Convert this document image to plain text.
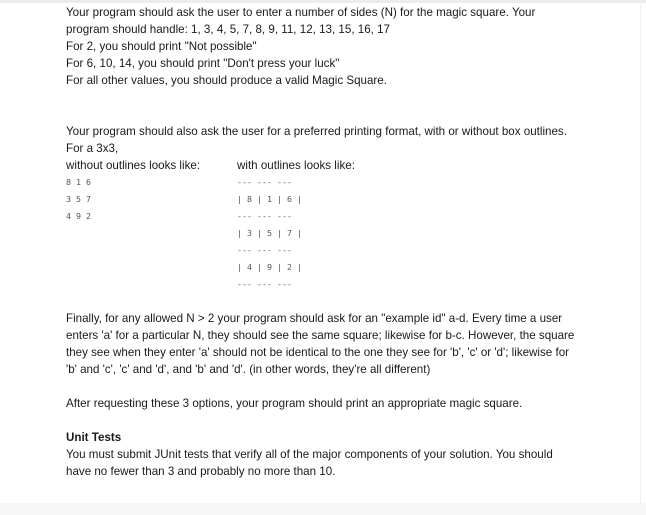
Your program should ask the user to enter a number of sides (N) for the magic square. Your

program should handle: 1, 3, 4, 5, 7, 8, 9, 11, 12, 13, 15, 16, 17

For 2, you should print "Not possible"

For 6, 10, 14, you should print "Don't press your luck"

For all other values, you should produce a valid Magic Square.

Your program should also ask the user for a preferred printing format, with or without box outlines.

For a 3x3,

without outlines looks like:	with outlines looks like:

8 1 6

3 5 7

4 9 2

--- --- ---

| 8 | 1 | 6 |

--- --- ---

| 3 | 5 | 7 |

--- --- ---

| 4 | 9 | 2 |

--- --- ---

Finally, for any allowed N > 2 your program should ask for an "example id" a-d. Every time a user

enters 'a' for a particular N, they should see the same square; likewise for b-c. However, the square

they see when they enter 'a' should not be identical to the one they see for 'b', 'c' or 'd'; likewise for

'b' and 'c', 'c' and 'd', and 'b' and 'd'. (in other words, they're all different)

After requesting these 3 options, your program should print an appropriate magic square.

Unit Tests

You must submit JUnit tests that verify all of the major components of your solution. You should

have no fewer than 3 and probably no more than 10.
